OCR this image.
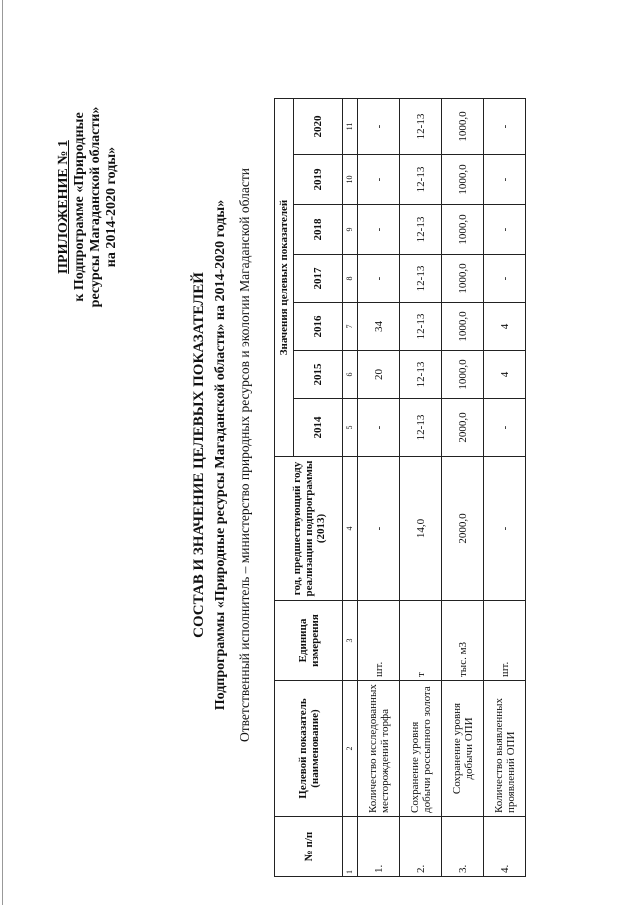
ПРИЛОЖЕНИЕ № 1 к Подпрограмме «Природные ресурсы Магаданской области» на 2014-2020 годы»
СОСТАВ И ЗНАЧЕНИЕ ЦЕЛЕВЫХ ПОКАЗАТЕЛЕЙ Подпрограммы «Природные ресурсы Магаданской области» на 2014-2020 годы» Ответственный исполнитель – министерство природных ресурсов и экологии Магаданской области
№ п/п	Целевой показатель (наименование)	Единица измерения	год, предшествующий году реализации подпрограммы (2013)	Значения целевых показателей						
				2014	2015	2016	2017	2018	2019	2020
1	2	3	4	5	6	7	8	9	10	11
1.	Количество исследованных месторождений торфа	шт.	-	-	20	34	-	-	-	-
2.	Сохранение уровня добычи россыпного золота	т	14,0	12-13	12-13	12-13	12-13	12-13	12-13	12-13
3.	Сохранение уровня добычи ОПИ	тыс. м3	2000,0	2000,0	1000,0	1000,0	1000,0	1000,0	1000,0	1000,0
4.	Количество выявленных проявлений ОПИ	шт.	-	-	4	4	-	-	-	-
